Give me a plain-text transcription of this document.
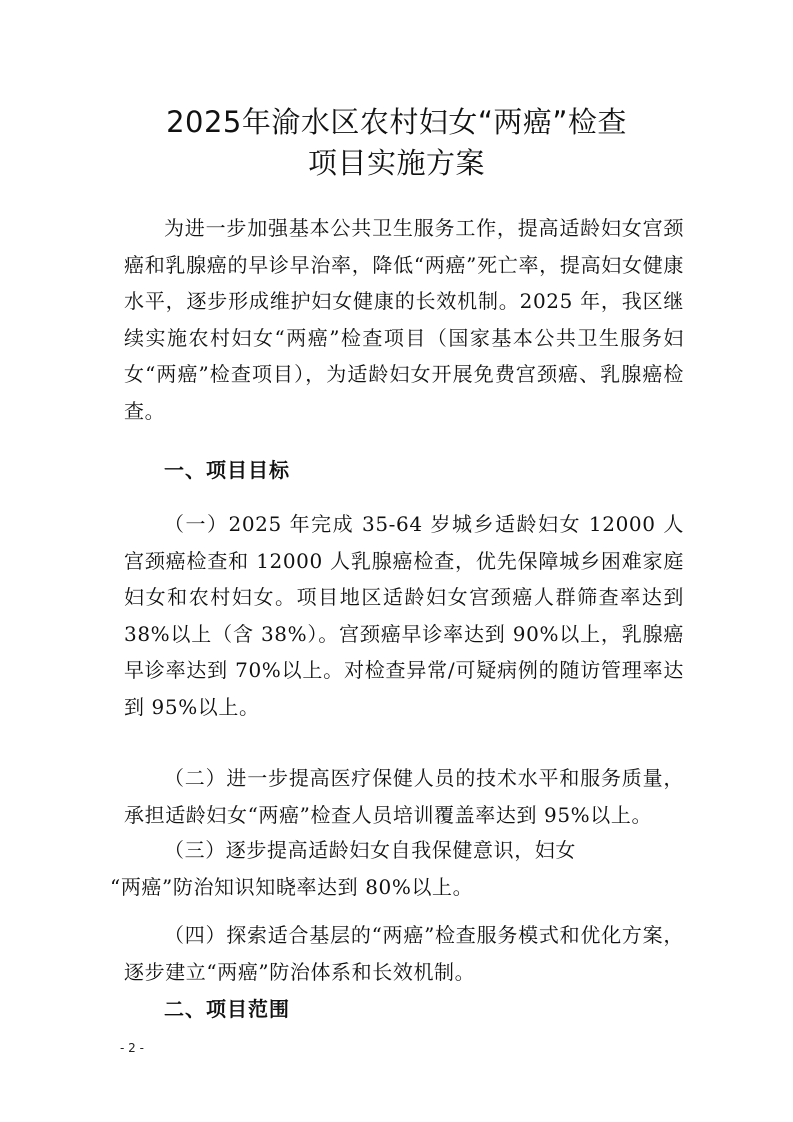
2025年渝水区农村妇女“两癌”检查
项目实施方案

为进一步加强基本公共卫生服务工作，提高适龄妇女宫颈癌和乳腺癌的早诊早治率，降低“两癌”死亡率，提高妇女健康水平，逐步形成维护妇女健康的长效机制。2025 年，我区继续实施农村妇女“两癌”检查项目（国家基本公共卫生服务妇女“两癌”检查项目），为适龄妇女开展免费宫颈癌、乳腺癌检查。

一、项目目标

（一）2025 年完成 35-64 岁城乡适龄妇女 12000 人宫颈癌检查和 12000 人乳腺癌检查，优先保障城乡困难家庭妇女和农村妇女。项目地区适龄妇女宫颈癌人群筛查率达到 38%以上（含 38%）。宫颈癌早诊率达到 90%以上，乳腺癌早诊率达到 70%以上。对检查异常/可疑病例的随访管理率达到 95%以上。

（二）进一步提高医疗保健人员的技术水平和服务质量，承担适龄妇女“两癌”检查人员培训覆盖率达到 95%以上。

（三）逐步提高适龄妇女自我保健意识，妇女
“两癌”防治知识知晓率达到 80%以上。

（四）探索适合基层的“两癌”检查服务模式和优化方案，逐步建立“两癌”防治体系和长效机制。

二、项目范围
- 2 -
